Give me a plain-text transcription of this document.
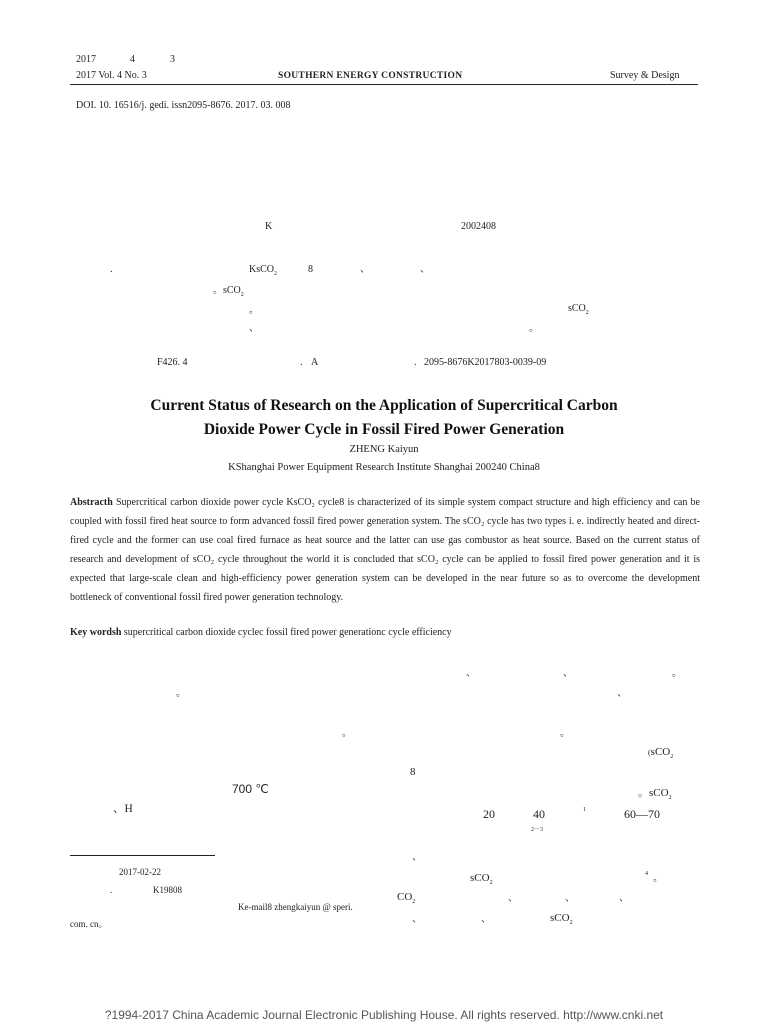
2017	4	3
2017 Vol. 4 No. 3	SOUTHERN ENERGY CONSTRUCTION	Survey & Design
DOI. 10. 16516/j. gedi. issn2095-8676. 2017. 03. 008
K	2002408
.	KsCO$_2$	8	、	、
。sCO$_2$
。	sCO$_2$
、	。
F426. 4	. A	. 2095-8676K2017803-0039-09
Current Status of Research on the Application of Supercritical Carbon
Dioxide Power Cycle in Fossil Fired Power Generation
ZHENG Kaiyun
KShanghai Power Equipment Research Institute Shanghai 200240 China8
Abstracth Supercritical carbon dioxide power cycle KsCO₂ cycle8 is characterized of its simple system compact structure and high efficiency and can be coupled with fossil fired heat source to form advanced fossil fired power generation system. The sCO₂ cycle has two types i. e. indirectly heated and direct-fired cycle and the former can use coal fired furnace as heat source and the latter can use gas combustor as heat source. Based on the current status of research and development of sCO₂ cycle throughout the world it is concluded that sCO₂ cycle can be applied to fossil fired power generation and it is expected that large-scale clean and high-efficiency power generation system can be developed in the near future so as to overcome the development bottleneck of conventional fossil fired power generation technology.
Key wordsh supercritical carbon dioxide cyclec fossil fired power generationc cycle efficiency
、	、	。
。	、
。	。
(sCO$_2$
8
700 ℃	。sCO$_2$
、H	20	40	1	60—70
2－3
、
sCO$_2$
4 。
$CO_2$	、	、	、
、	、	sCO$_2$
2017-02-22
.	K19808
Ke-mail8 zhengkaiyun @ speri.
com. cn。
?1994-2017 China Academic Journal Electronic Publishing House. All rights reserved. http://www.cnki.net
